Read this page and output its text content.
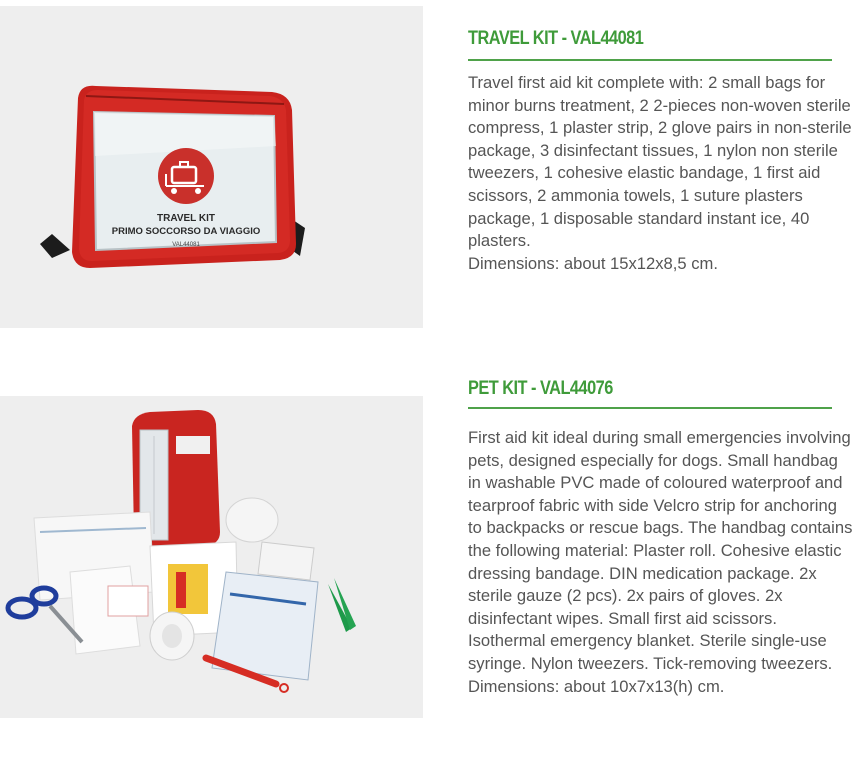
TRAVEL KIT
PRIMO SOCCORSO DA VIAGGIO
VAL44081
TRAVEL KIT - VAL44081

Travel first aid kit complete with: 2 small bags for minor burns treatment, 2 2-pieces non-woven sterile compress, 1 plaster strip, 2 glove pairs in non-sterile package, 3 disinfectant tissues, 1 nylon non sterile tweezers, 1 cohesive elastic bandage, 1 first aid scissors, 2 ammonia towels, 1 suture plasters package, 1 disposable standard instant ice, 40 plasters.

Dimensions: about 15x12x8,5 cm.

PET KIT - VAL44076

First aid kit ideal during small emergencies involving pets, designed especially for dogs. Small handbag in washable PVC made of coloured waterproof and tearproof fabric with side Velcro strip for anchoring to backpacks or rescue bags. The handbag contains the following material: Plaster roll. Cohesive elastic dressing bandage. DIN medication package. 2x sterile gauze (2 pcs). 2x pairs of gloves. 2x disinfectant wipes. Small first aid scissors. Isothermal emergency blanket. Sterile single-use syringe. Nylon tweezers. Tick-removing tweezers. Dimensions: about 10x7x13(h) cm.
